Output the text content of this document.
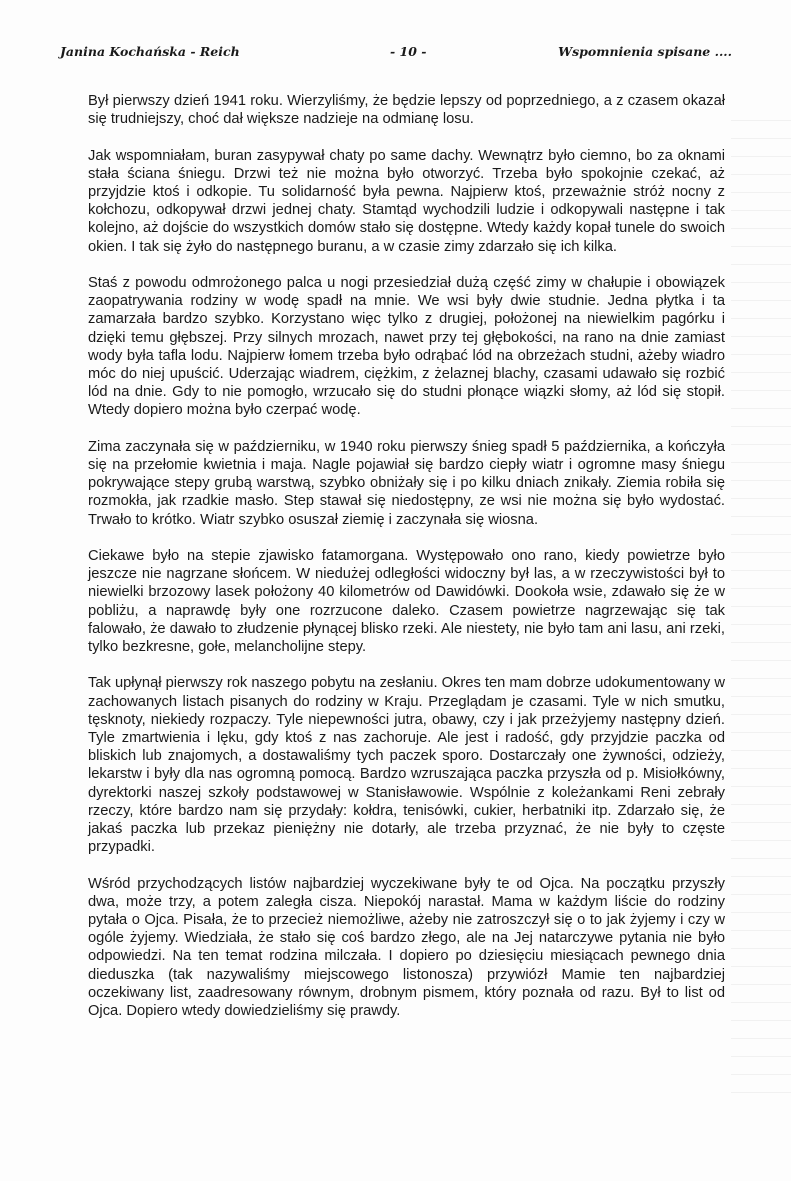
Janina Kochańska - Reich	- 10 -	Wspomnienia spisane ....

Był pierwszy dzień 1941 roku. Wierzyliśmy, że będzie lepszy od poprzedniego, a z czasem okazał się trudniejszy, choć dał większe nadzieje na odmianę losu.

Jak wspomniałam, buran zasypywał chaty po same dachy. Wewnątrz było ciemno, bo za oknami stała ściana śniegu. Drzwi też nie można było otworzyć. Trzeba było spokojnie czekać, aż przyjdzie ktoś i odkopie. Tu solidarność była pewna. Najpierw ktoś, przeważnie stróż nocny z kołchozu, odkopywał drzwi jednej chaty. Stamtąd wychodzili ludzie i odkopywali następne i tak kolejno, aż dojście do wszystkich domów stało się dostępne. Wtedy każdy kopał tunele do swoich okien. I tak się żyło do następnego buranu, a w czasie zimy zdarzało się ich kilka.

Staś z powodu odmrożonego palca u nogi przesiedział dużą część zimy w chałupie i obowiązek zaopatrywania rodziny w wodę spadł na mnie. We wsi były dwie studnie. Jedna płytka i ta zamarzała bardzo szybko. Korzystano więc tylko z drugiej, położonej na niewielkim pagórku i dzięki temu głębszej. Przy silnych mrozach, nawet przy tej głębokości, na rano na dnie zamiast wody była tafla lodu. Najpierw łomem trzeba było odrąbać lód na obrzeżach studni, ażeby wiadro móc do niej upuścić. Uderzając wiadrem, ciężkim, z żelaznej blachy, czasami udawało się rozbić lód na dnie. Gdy to nie pomogło, wrzucało się do studni płonące wiązki słomy, aż lód się stopił. Wtedy dopiero można było czerpać wodę.

Zima zaczynała się w październiku, w 1940 roku pierwszy śnieg spadł 5 października, a kończyła się na przełomie kwietnia i maja. Nagle pojawiał się bardzo ciepły wiatr i ogromne masy śniegu pokrywające stepy grubą warstwą, szybko obniżały się i po kilku dniach znikały. Ziemia robiła się rozmokła, jak rzadkie masło. Step stawał się niedostępny, ze wsi nie można się było wydostać. Trwało to krótko. Wiatr szybko osuszał ziemię i zaczynała się wiosna.

Ciekawe było na stepie zjawisko fatamorgana. Występowało ono rano, kiedy powietrze było jeszcze nie nagrzane słońcem. W niedużej odległości widoczny był las, a w rzeczywistości był to niewielki brzozowy lasek położony 40 kilometrów od Dawidówki. Dookoła wsie, zdawało się że w pobliżu, a naprawdę były one rozrzucone daleko. Czasem powietrze nagrzewając się tak falowało, że dawało to złudzenie płynącej blisko rzeki. Ale niestety, nie było tam ani lasu, ani rzeki, tylko bezkresne, gołe, melancholijne stepy.

Tak upłynął pierwszy rok naszego pobytu na zesłaniu. Okres ten mam dobrze udokumentowany w zachowanych listach pisanych do rodziny w Kraju. Przeglądam je czasami. Tyle w nich smutku, tęsknoty, niekiedy rozpaczy. Tyle niepewności jutra, obawy, czy i jak przeżyjemy następny dzień. Tyle zmartwienia i lęku, gdy ktoś z nas zachoruje. Ale jest i radość, gdy przyjdzie paczka od bliskich lub znajomych, a dostawaliśmy tych paczek sporo. Dostarczały one żywności, odzieży, lekarstw i były dla nas ogromną pomocą. Bardzo wzruszająca paczka przyszła od p. Misiołkówny, dyrektorki naszej szkoły podstawowej w Stanisławowie. Wspólnie z koleżankami Reni zebrały rzeczy, które bardzo nam się przydały: kołdra, tenisówki, cukier, herbatniki itp. Zdarzało się, że jakaś paczka lub przekaz pieniężny nie dotarły, ale trzeba przyznać, że nie były to częste przypadki.

Wśród przychodzących listów najbardziej wyczekiwane były te od Ojca. Na początku przyszły dwa, może trzy, a potem zaległa cisza. Niepokój narastał. Mama w każdym liście do rodziny pytała o Ojca. Pisała, że to przecież niemożliwe, ażeby nie zatroszczył się o to jak żyjemy i czy w ogóle żyjemy. Wiedziała, że stało się coś bardzo złego, ale na Jej natarczywe pytania nie było odpowiedzi. Na ten temat rodzina milczała. I dopiero po dziesięciu miesiącach pewnego dnia dieduszka (tak nazywaliśmy miejscowego listonosza) przywiózł Mamie ten najbardziej oczekiwany list, zaadresowany równym, drobnym pismem, który poznała od razu. Był to list od Ojca. Dopiero wtedy dowiedzieliśmy się prawdy.
